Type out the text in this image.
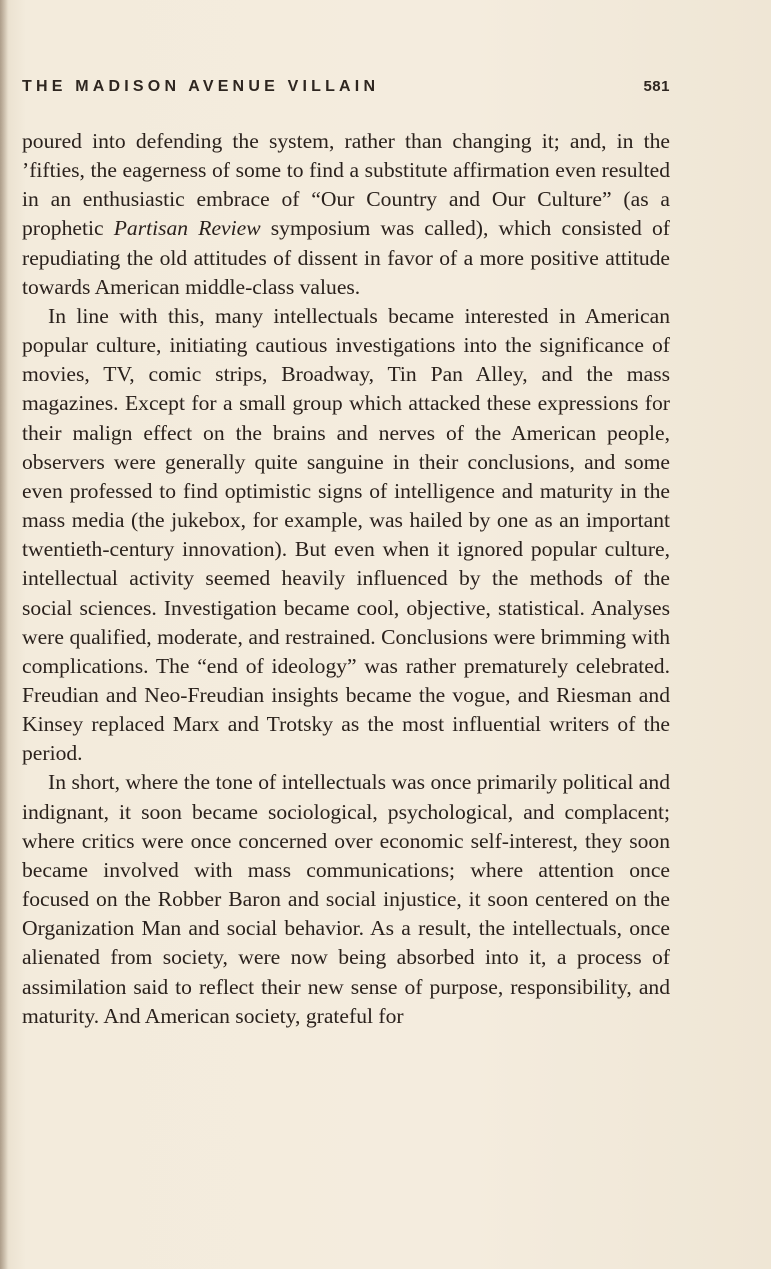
THE MADISON AVENUE VILLAIN	581

poured into defending the system, rather than changing it; and, in the ’fifties, the eagerness of some to find a substitute affirmation even resulted in an enthusiastic embrace of “Our Country and Our Culture” (as a prophetic Partisan Review symposium was called), which consisted of repudiating the old attitudes of dissent in favor of a more positive attitude towards American middle-class values.

In line with this, many intellectuals became interested in American popular culture, initiating cautious investigations into the significance of movies, TV, comic strips, Broadway, Tin Pan Alley, and the mass magazines. Except for a small group which attacked these expressions for their malign effect on the brains and nerves of the American people, observers were generally quite sanguine in their conclusions, and some even professed to find optimistic signs of intelligence and maturity in the mass media (the jukebox, for example, was hailed by one as an important twentieth-century innovation). But even when it ignored popular culture, intellectual activity seemed heavily influenced by the methods of the social sciences. Investigation became cool, objective, statistical. Analyses were qualified, moderate, and restrained. Conclusions were brimming with complications. The “end of ideology” was rather prematurely celebrated. Freudian and Neo-Freudian insights became the vogue, and Riesman and Kinsey replaced Marx and Trotsky as the most influential writers of the period.

In short, where the tone of intellectuals was once primarily political and indignant, it soon became sociological, psychological, and complacent; where critics were once concerned over economic self-interest, they soon became involved with mass communications; where attention once focused on the Robber Baron and social injustice, it soon centered on the Organization Man and social behavior. As a result, the intellectuals, once alienated from society, were now being absorbed into it, a process of assimilation said to reflect their new sense of purpose, responsibility, and maturity. And American society, grateful for
